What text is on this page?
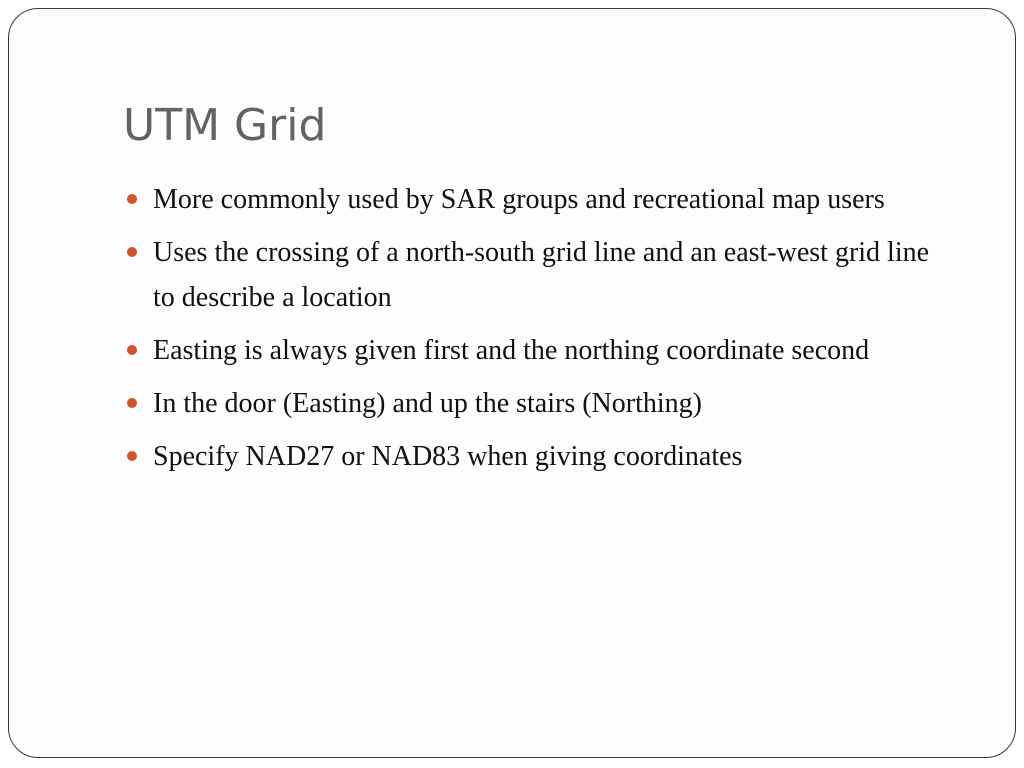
UTM Grid
More commonly used by SAR groups and recreational map users
Uses the crossing of a north-south grid line and an east-west grid line to describe a location
Easting is always given first and the northing coordinate second
In the door (Easting) and up the stairs (Northing)
Specify NAD27 or NAD83 when giving coordinates
